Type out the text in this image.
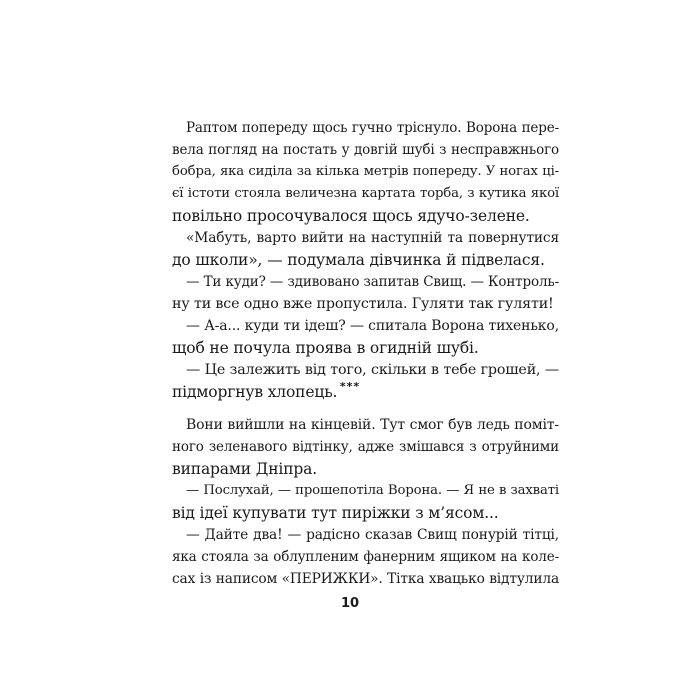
Раптом попереду щось гучно тріснуло. Ворона пере-
вела погляд на постать у довгій шубі з несправжнього
бобра, яка сиділа за кілька метрів попереду. У ногах ці-
єї істоти стояла величезна картата торба, з кутика якої
повільно просочувалося щось ядучо-зелене.
«Мабуть, варто вийти на наступній та повернутися
до школи», — подумала дівчинка й підвелася.
— Ти куди? — здивовано запитав Свищ. — Контроль-
ну ти все одно вже пропустила. Гуляти так гуляти!
— А-а... куди ти ідеш? — спитала Ворона тихенько,
щоб не почула проява в огидній шубі.
— Це залежить від того, скільки в тебе грошей, —
підморгнув хлопець. ***
Вони вийшли на кінцевій. Тут смог був ледь поміт-
ного зеленавого відтінку, адже змішався з отруйними
випарами Дніпра.
— Послухай, — прошепотіла Ворона. — Я не в захваті
від ідеї купувати тут пиріжки з м’ясом...
— Дайте два! — радісно сказав Свищ понурій тітці,
яка стояла за облупленим фанерним ящиком на коле-
сах із написом «ПЕРИЖКИ». Тітка хвацько відтулила
10
